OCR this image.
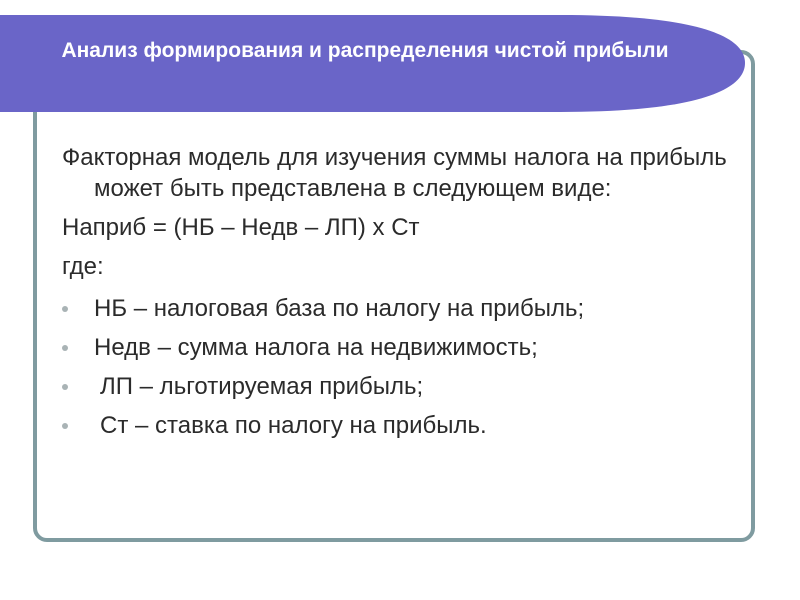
Анализ формирования и распределения чистой прибыли

Факторная модель для изучения суммы налога на прибыль может быть представлена в следующем виде:

Наприб = (НБ – Недв – ЛП) х Ст

где:

НБ – налоговая база по налогу на прибыль;
Недв – сумма налога на недвижимость;
ЛП – льготируемая прибыль;
Ст – ставка по налогу на прибыль.
